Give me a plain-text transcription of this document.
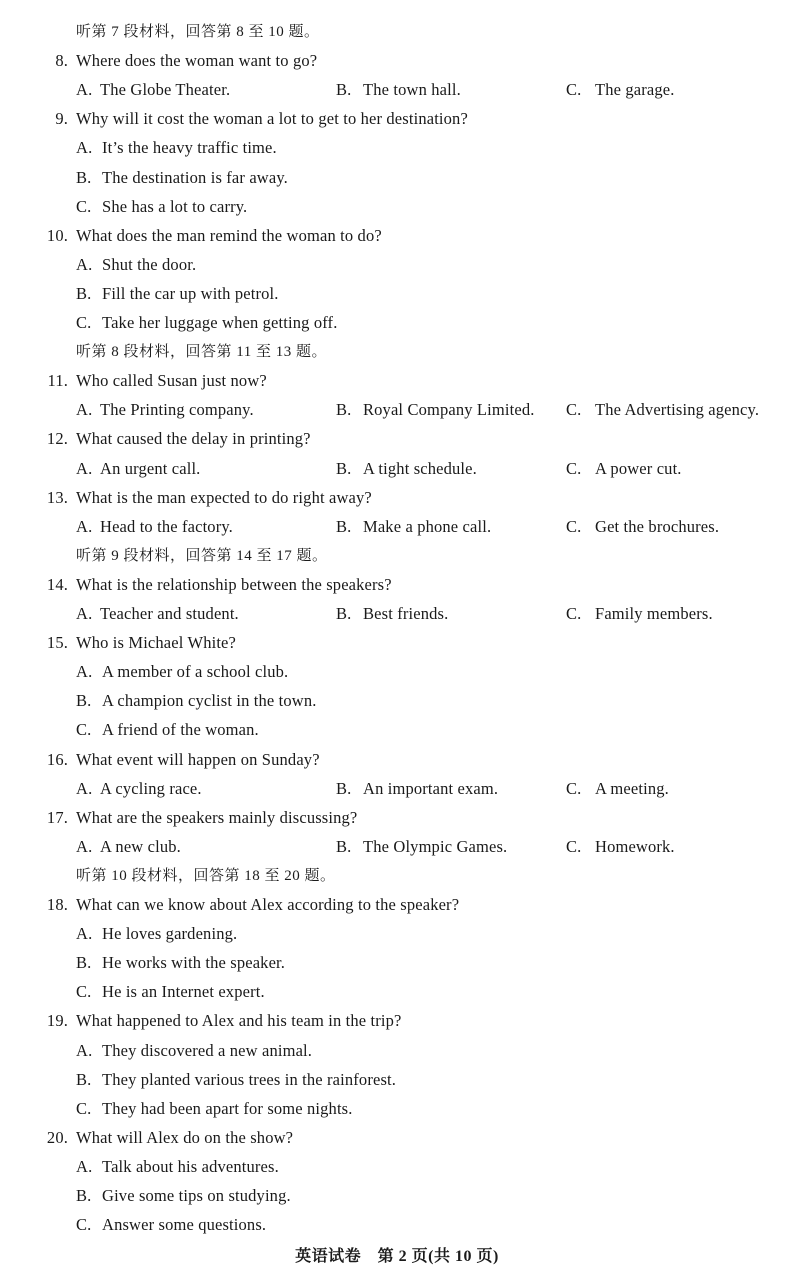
听第 7 段材料，回答第 8 至 10 题。
8. Where does the woman want to go?
A. The Globe Theater.	B. The town hall.	C. The garage.
9. Why will it cost the woman a lot to get to her destination?
A. It’s the heavy traffic time.
B. The destination is far away.
C. She has a lot to carry.
10. What does the man remind the woman to do?
A. Shut the door.
B. Fill the car up with petrol.
C. Take her luggage when getting off.
听第 8 段材料，回答第 11 至 13 题。
11. Who called Susan just now?
A. The Printing company.	B. Royal Company Limited. C. The Advertising agency.
12. What caused the delay in printing?
A. An urgent call.	B. A tight schedule.	C. A power cut.
13. What is the man expected to do right away?
A. Head to the factory.	B. Make a phone call.	C. Get the brochures.
听第 9 段材料，回答第 14 至 17 题。
14. What is the relationship between the speakers?
A. Teacher and student.	B. Best friends.	C. Family members.
15. Who is Michael White?
A. A member of a school club.
B. A champion cyclist in the town.
C. A friend of the woman.
16. What event will happen on Sunday?
A. A cycling race.	B. An important exam.	C. A meeting.
17. What are the speakers mainly discussing?
A. A new club.	B. The Olympic Games.	C. Homework.
听第 10 段材料，回答第 18 至 20 题。
18. What can we know about Alex according to the speaker?
A. He loves gardening.
B. He works with the speaker.
C. He is an Internet expert.
19. What happened to Alex and his team in the trip?
A. They discovered a new animal.
B. They planted various trees in the rainforest.
C. They had been apart for some nights.
20. What will Alex do on the show?
A. Talk about his adventures.
B. Give some tips on studying.
C. Answer some questions.
英语试卷　第 2 页(共 10 页)
